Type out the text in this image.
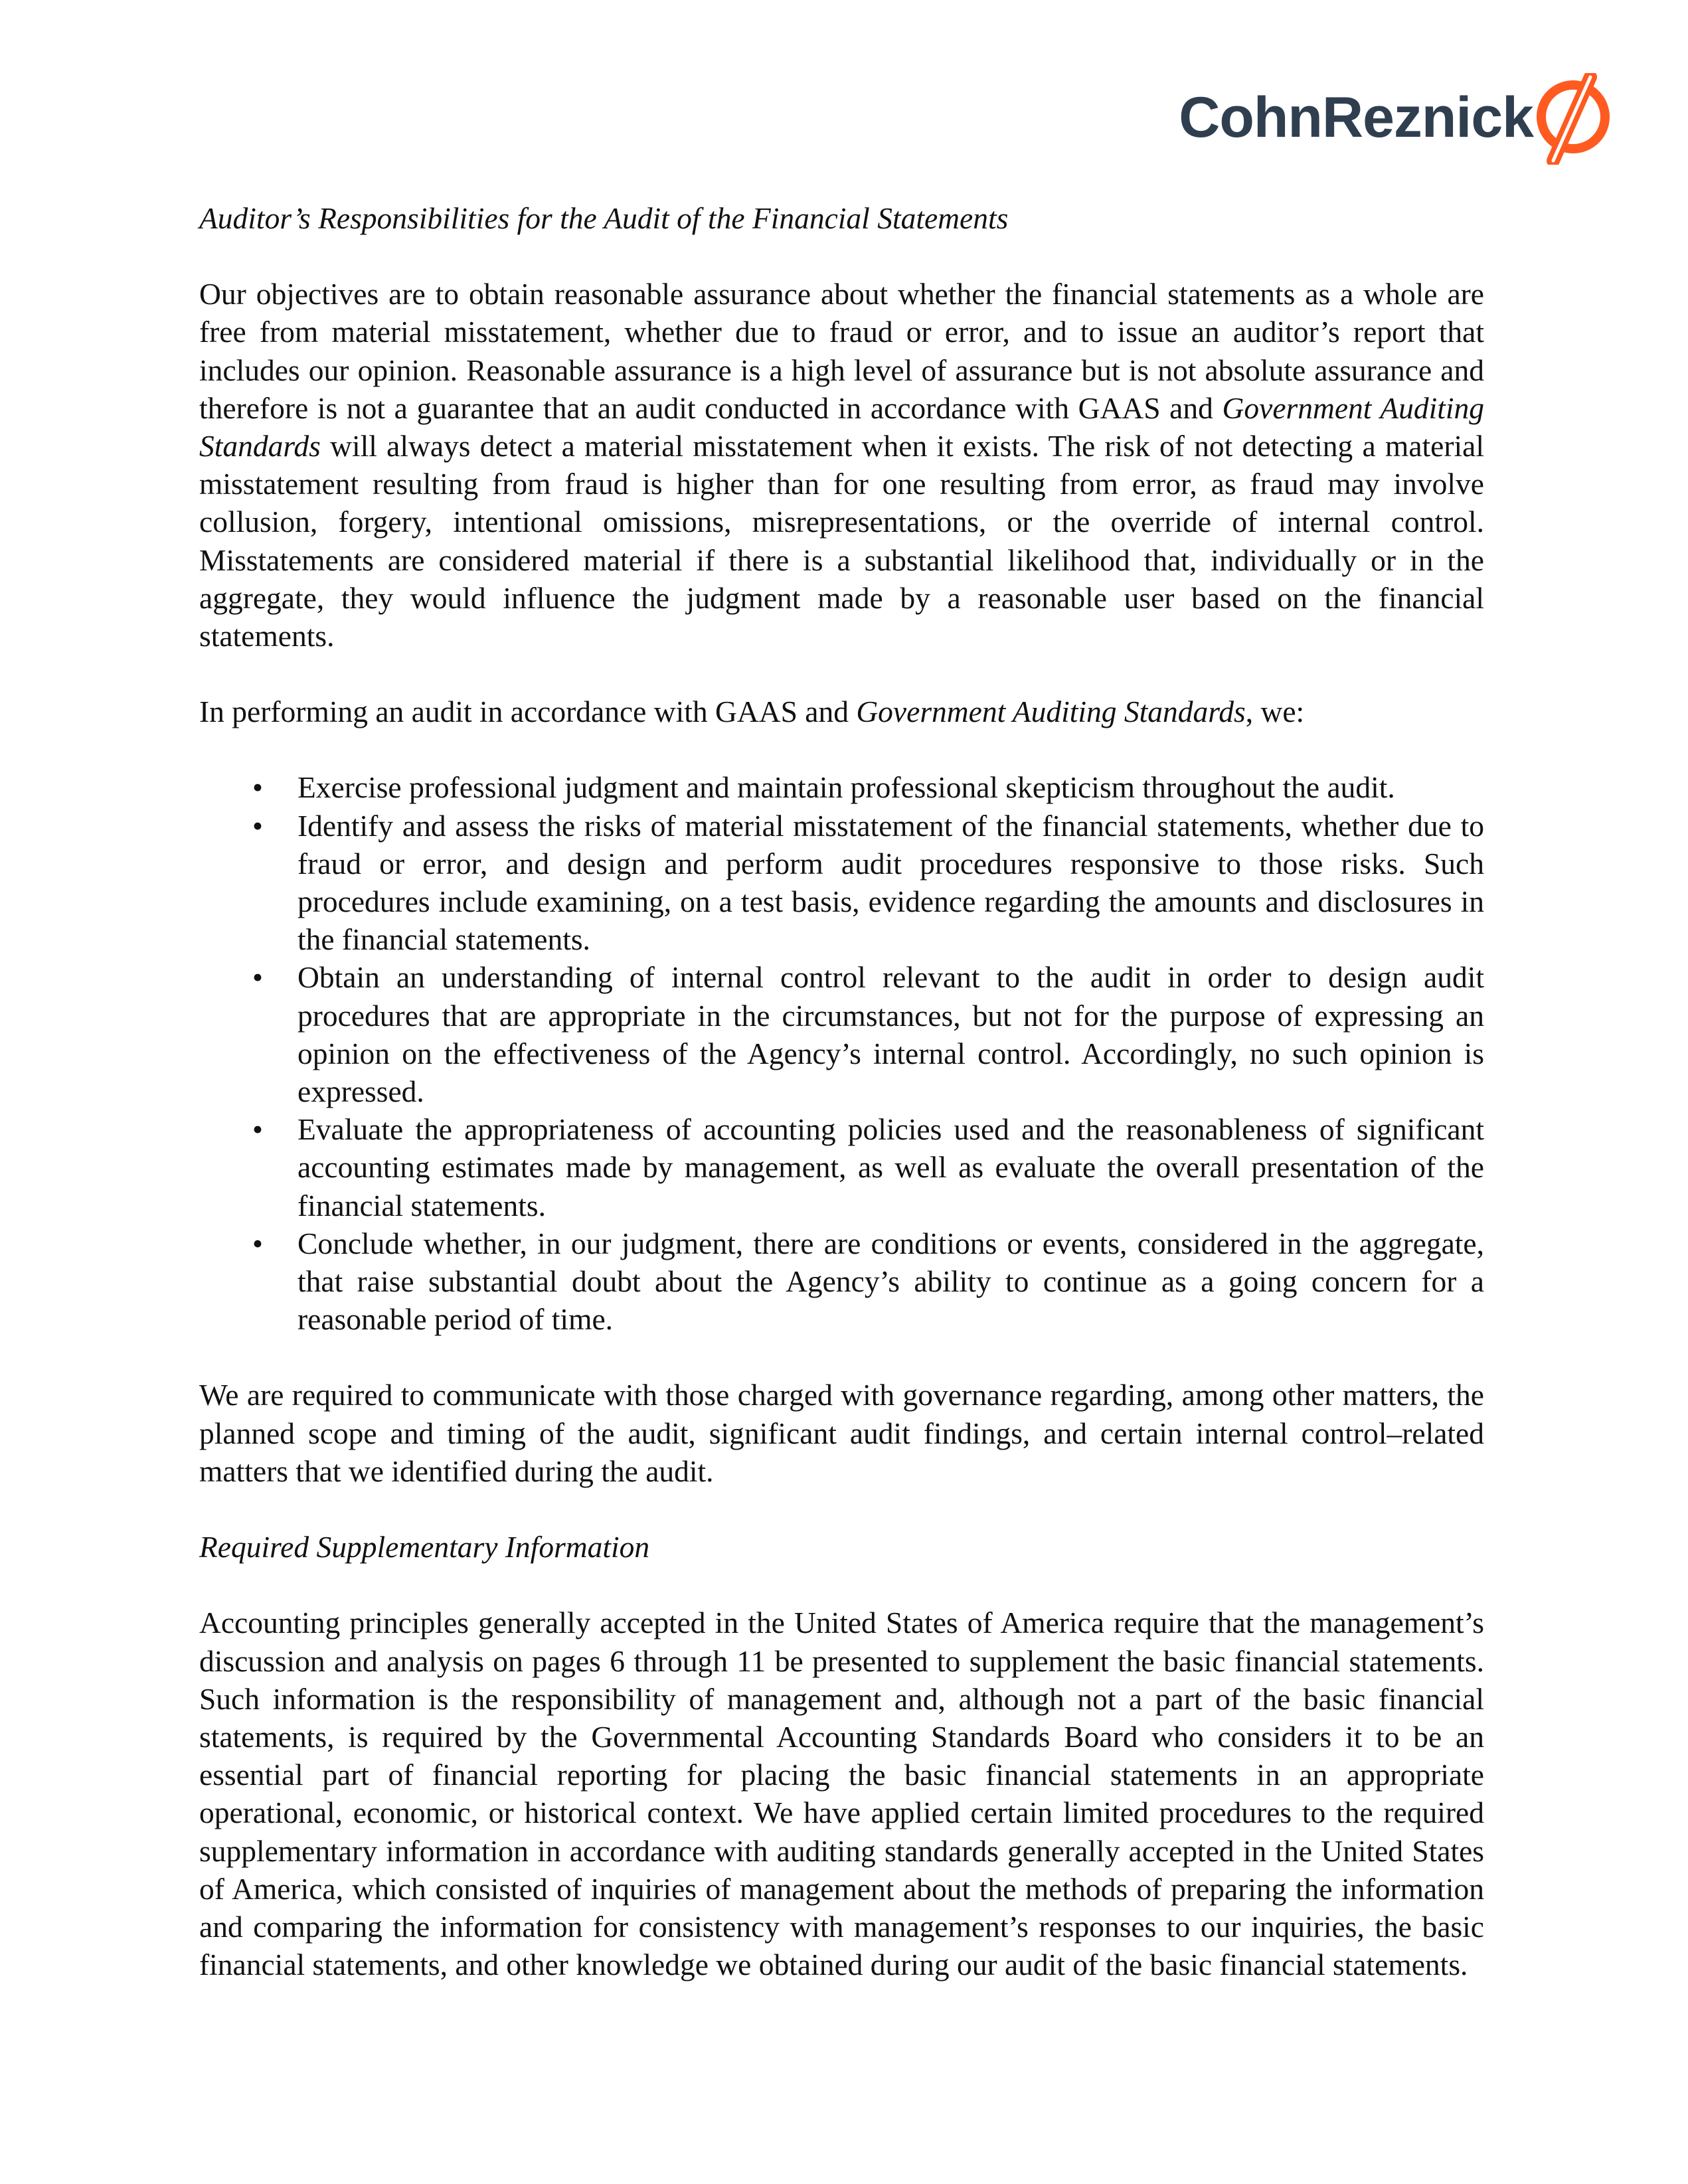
CohnReznick

Auditor’s Responsibilities for the Audit of the Financial Statements

Our objectives are to obtain reasonable assurance about whether the financial statements as a whole are free from material misstatement, whether due to fraud or error, and to issue an auditor’s report that includes our opinion. Reasonable assurance is a high level of assurance but is not absolute assurance and therefore is not a guarantee that an audit conducted in accordance with GAAS and Government Auditing Standards will always detect a material misstatement when it exists. The risk of not detecting a material misstatement resulting from fraud is higher than for one resulting from error, as fraud may involve collusion, forgery, intentional omissions, misrepresentations, or the override of internal control. Misstatements are considered material if there is a substantial likelihood that, individually or in the aggregate, they would influence the judgment made by a reasonable user based on the financial statements.

In performing an audit in accordance with GAAS and Government Auditing Standards, we:

• Exercise professional judgment and maintain professional skepticism throughout the audit.
• Identify and assess the risks of material misstatement of the financial statements, whether due to fraud or error, and design and perform audit procedures responsive to those risks. Such procedures include examining, on a test basis, evidence regarding the amounts and disclosures in the financial statements.
• Obtain an understanding of internal control relevant to the audit in order to design audit procedures that are appropriate in the circumstances, but not for the purpose of expressing an opinion on the effectiveness of the Agency’s internal control. Accordingly, no such opinion is expressed.
• Evaluate the appropriateness of accounting policies used and the reasonableness of significant accounting estimates made by management, as well as evaluate the overall presentation of the financial statements.
• Conclude whether, in our judgment, there are conditions or events, considered in the aggregate, that raise substantial doubt about the Agency’s ability to continue as a going concern for a reasonable period of time.

We are required to communicate with those charged with governance regarding, among other matters, the planned scope and timing of the audit, significant audit findings, and certain internal control–related matters that we identified during the audit.

Required Supplementary Information

Accounting principles generally accepted in the United States of America require that the management’s discussion and analysis on pages 6 through 11 be presented to supplement the basic financial statements. Such information is the responsibility of management and, although not a part of the basic financial statements, is required by the Governmental Accounting Standards Board who considers it to be an essential part of financial reporting for placing the basic financial statements in an appropriate operational, economic, or historical context. We have applied certain limited procedures to the required supplementary information in accordance with auditing standards generally accepted in the United States of America, which consisted of inquiries of management about the methods of preparing the information and comparing the information for consistency with management’s responses to our inquiries, the basic financial statements, and other knowledge we obtained during our audit of the basic financial statements.
